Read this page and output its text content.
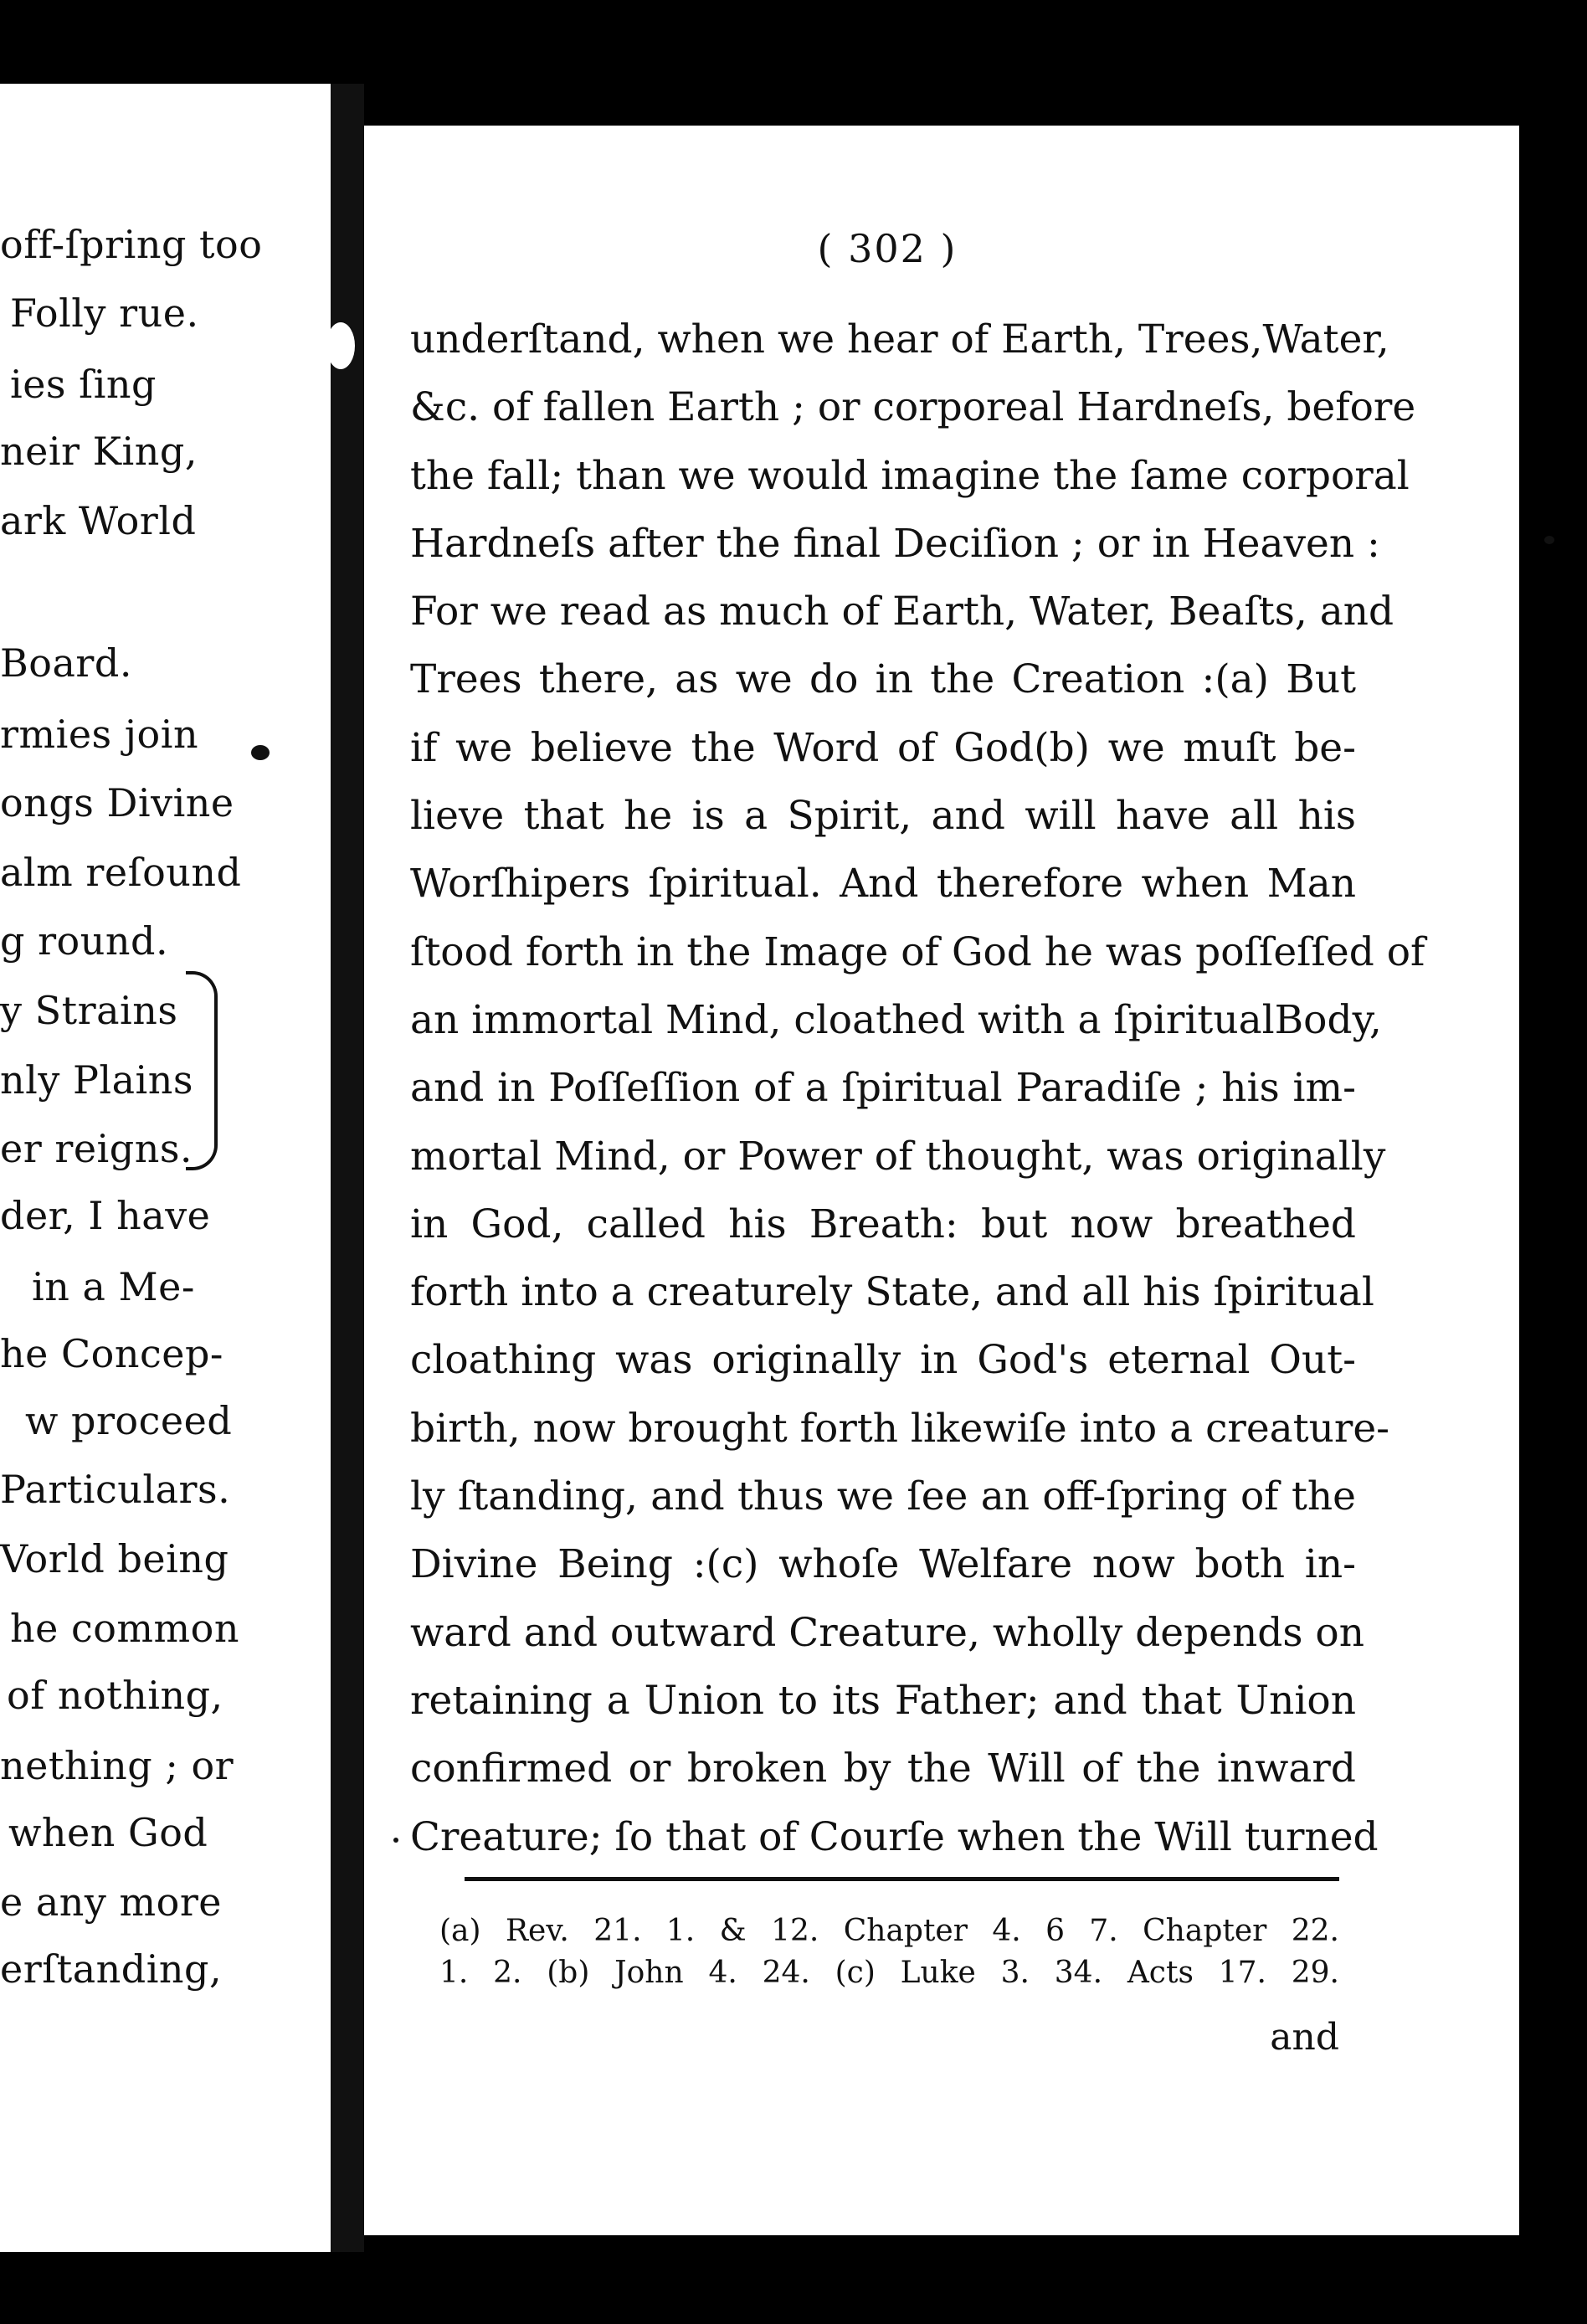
off-ſpring too
Folly rue.
ies ſing
neir King,
ark World
Board.
rmies join
ongs Divine
alm reſound
g round.
y Strains
nly Plains
er reigns.
der, I have
in a Me-
he Concep-
w proceed
Particulars.
Vorld being
he common
of nothing,
nething ; or
when God
e any more
erſtanding,
( 302 )
underſtand, when we hear of Earth, Trees,Water,
&c. of fallen Earth ; or corporeal Hardneſs, before
the fall; than we would imagine the ſame corporal
Hardneſs after the final Deciſion ; or in Heaven :
For we read as much of Earth, Water, Beaſts, and
Trees there, as we do in the Creation :(a) But
if we believe the Word of God(b) we muſt be-
lieve that he is a Spirit, and will have all his
Worſhipers ſpiritual. And therefore when Man
ſtood forth in the Image of God he was poſſeſſed of
an immortal Mind, cloathed with a ſpiritualBody,
and in Poſſeſſion of a ſpiritual Paradiſe ; his im-
mortal Mind, or Power of thought, was originally
in God, called his Breath: but now breathed
forth into a creaturely State, and all his ſpiritual
cloathing was originally in God's eternal Out-
birth, now brought forth likewiſe into a creature-
ly ſtanding, and thus we ſee an off-ſpring of the
Divine Being :(c) whoſe Welfare now both in-
ward and outward Creature, wholly depends on
retaining a Union to its Father; and that Union
confirmed or broken by the Will of the inward
Creature; ſo that of Courſe when the Will turned
(a) Rev. 21. 1. & 12. Chapter 4. 6 7. Chapter 22.
1. 2. (b) John 4. 24. (c) Luke 3. 34. Acts 17. 29.
and
